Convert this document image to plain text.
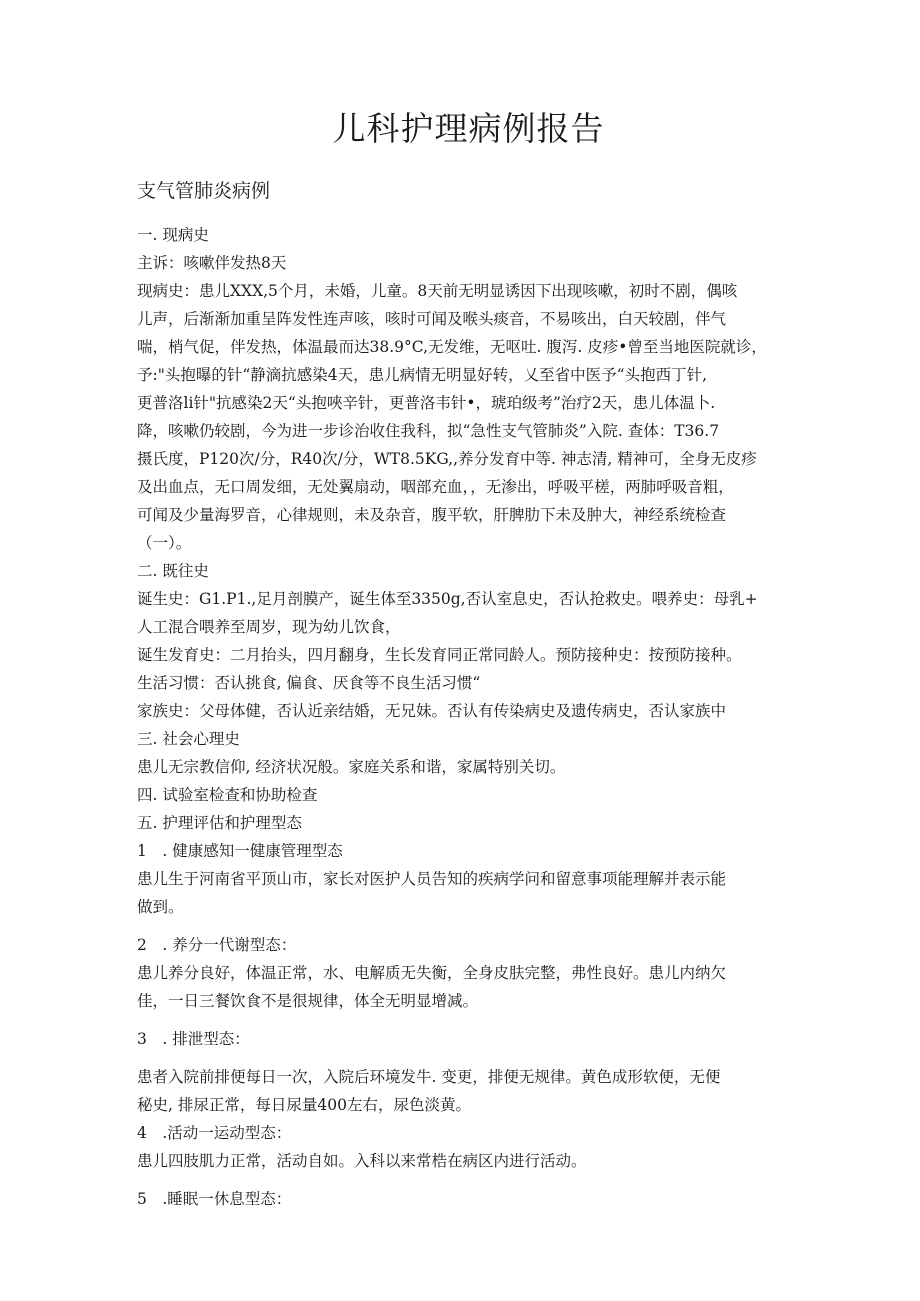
儿科护理病例报告
支气管肺炎病例

一. 现病史

主诉：咳嗽伴发热8天

现病史：患儿XXX,5个月，未婚，儿童。8天前无明显诱因下出现咳嗽，初时不剧，偶咳

儿声，后渐渐加重呈阵发性连声咳，咳时可闻及喉头痰音，不易咳出，白天较剧，伴气

喘，梢气促，伴发热，体温最而达38.9°C,无发维，无呕吐. 腹泻. 皮疹•曾至当地医院就诊，

予:"头抱曝的针“静滴抗感染4天，患儿病情无明显好转，乂至省中医予“头抱西丁针,

更普洛li针"抗感染2天“头抱唊辛针，更普洛韦针•，琥珀级考”治疗2天，患儿体温卜.

降，咳嗽仍较剧，今为进一步诊治收住我科，拟“急性支气管肺炎”入院. 查体：T36.7

摄氏度，P120次/分，R40次/分，WT8.5KG,,养分发育中等. 神志清, 精神可，全身无皮疹

及出血点，无口周发细，无处翼扇动，咽部充血，，无渗出，呼吸平槎，两肺呼吸音粗，

可闻及少量海罗音，心律规则，未及杂音，腹平软，肝脾肋下未及肿大，神经系统检查

（一）。

二. 既往史

诞生史：G1.P1.,足月剖膜产，诞生体至3350g,否认室息史，否认抢救史。喂养史：母乳+

人工混合喂养至周岁，现为幼儿饮食，

诞生发育史：二月抬头，四月翻身，生长发育同正常同龄人。预防接种史：按预防接种。

生活习惯：否认挑食, 偏食、厌食等不良生活习惯“

家族史：父母体健，否认近亲结婚，无兄妹。否认有传染病史及遗传病史，否认家族中

三. 社会心理史

患儿无宗教信仰, 经济状况般。家庭关系和谐，家属特别关切。

四. 试验室检查和协助检查

五. 护理评估和护理型态

1　. 健康感知一健康管理型态

患儿生于河南省平顶山市，家长对医护人员告知的疾病学问和留意事项能理解并表示能

做到。

2　. 养分一代谢型态：

患儿养分良好，体温正常，水、电解质无失衡，全身皮肤完整，弗性良好。患儿内纳欠

佳，一日三餐饮食不是很规律，体全无明显增减。

3　. 排泄型态：

患者入院前排便每日一次，入院后环境发牛. 变更，排便无规律。黄色成形软便，无便

秘史, 排尿正常，每日尿量400左右，尿色淡黄。

4　.活动一运动型态：

患儿四肢肌力正常，活动自如。入科以来常梏在病区内进行活动。

5　.睡眠一休息型态：
